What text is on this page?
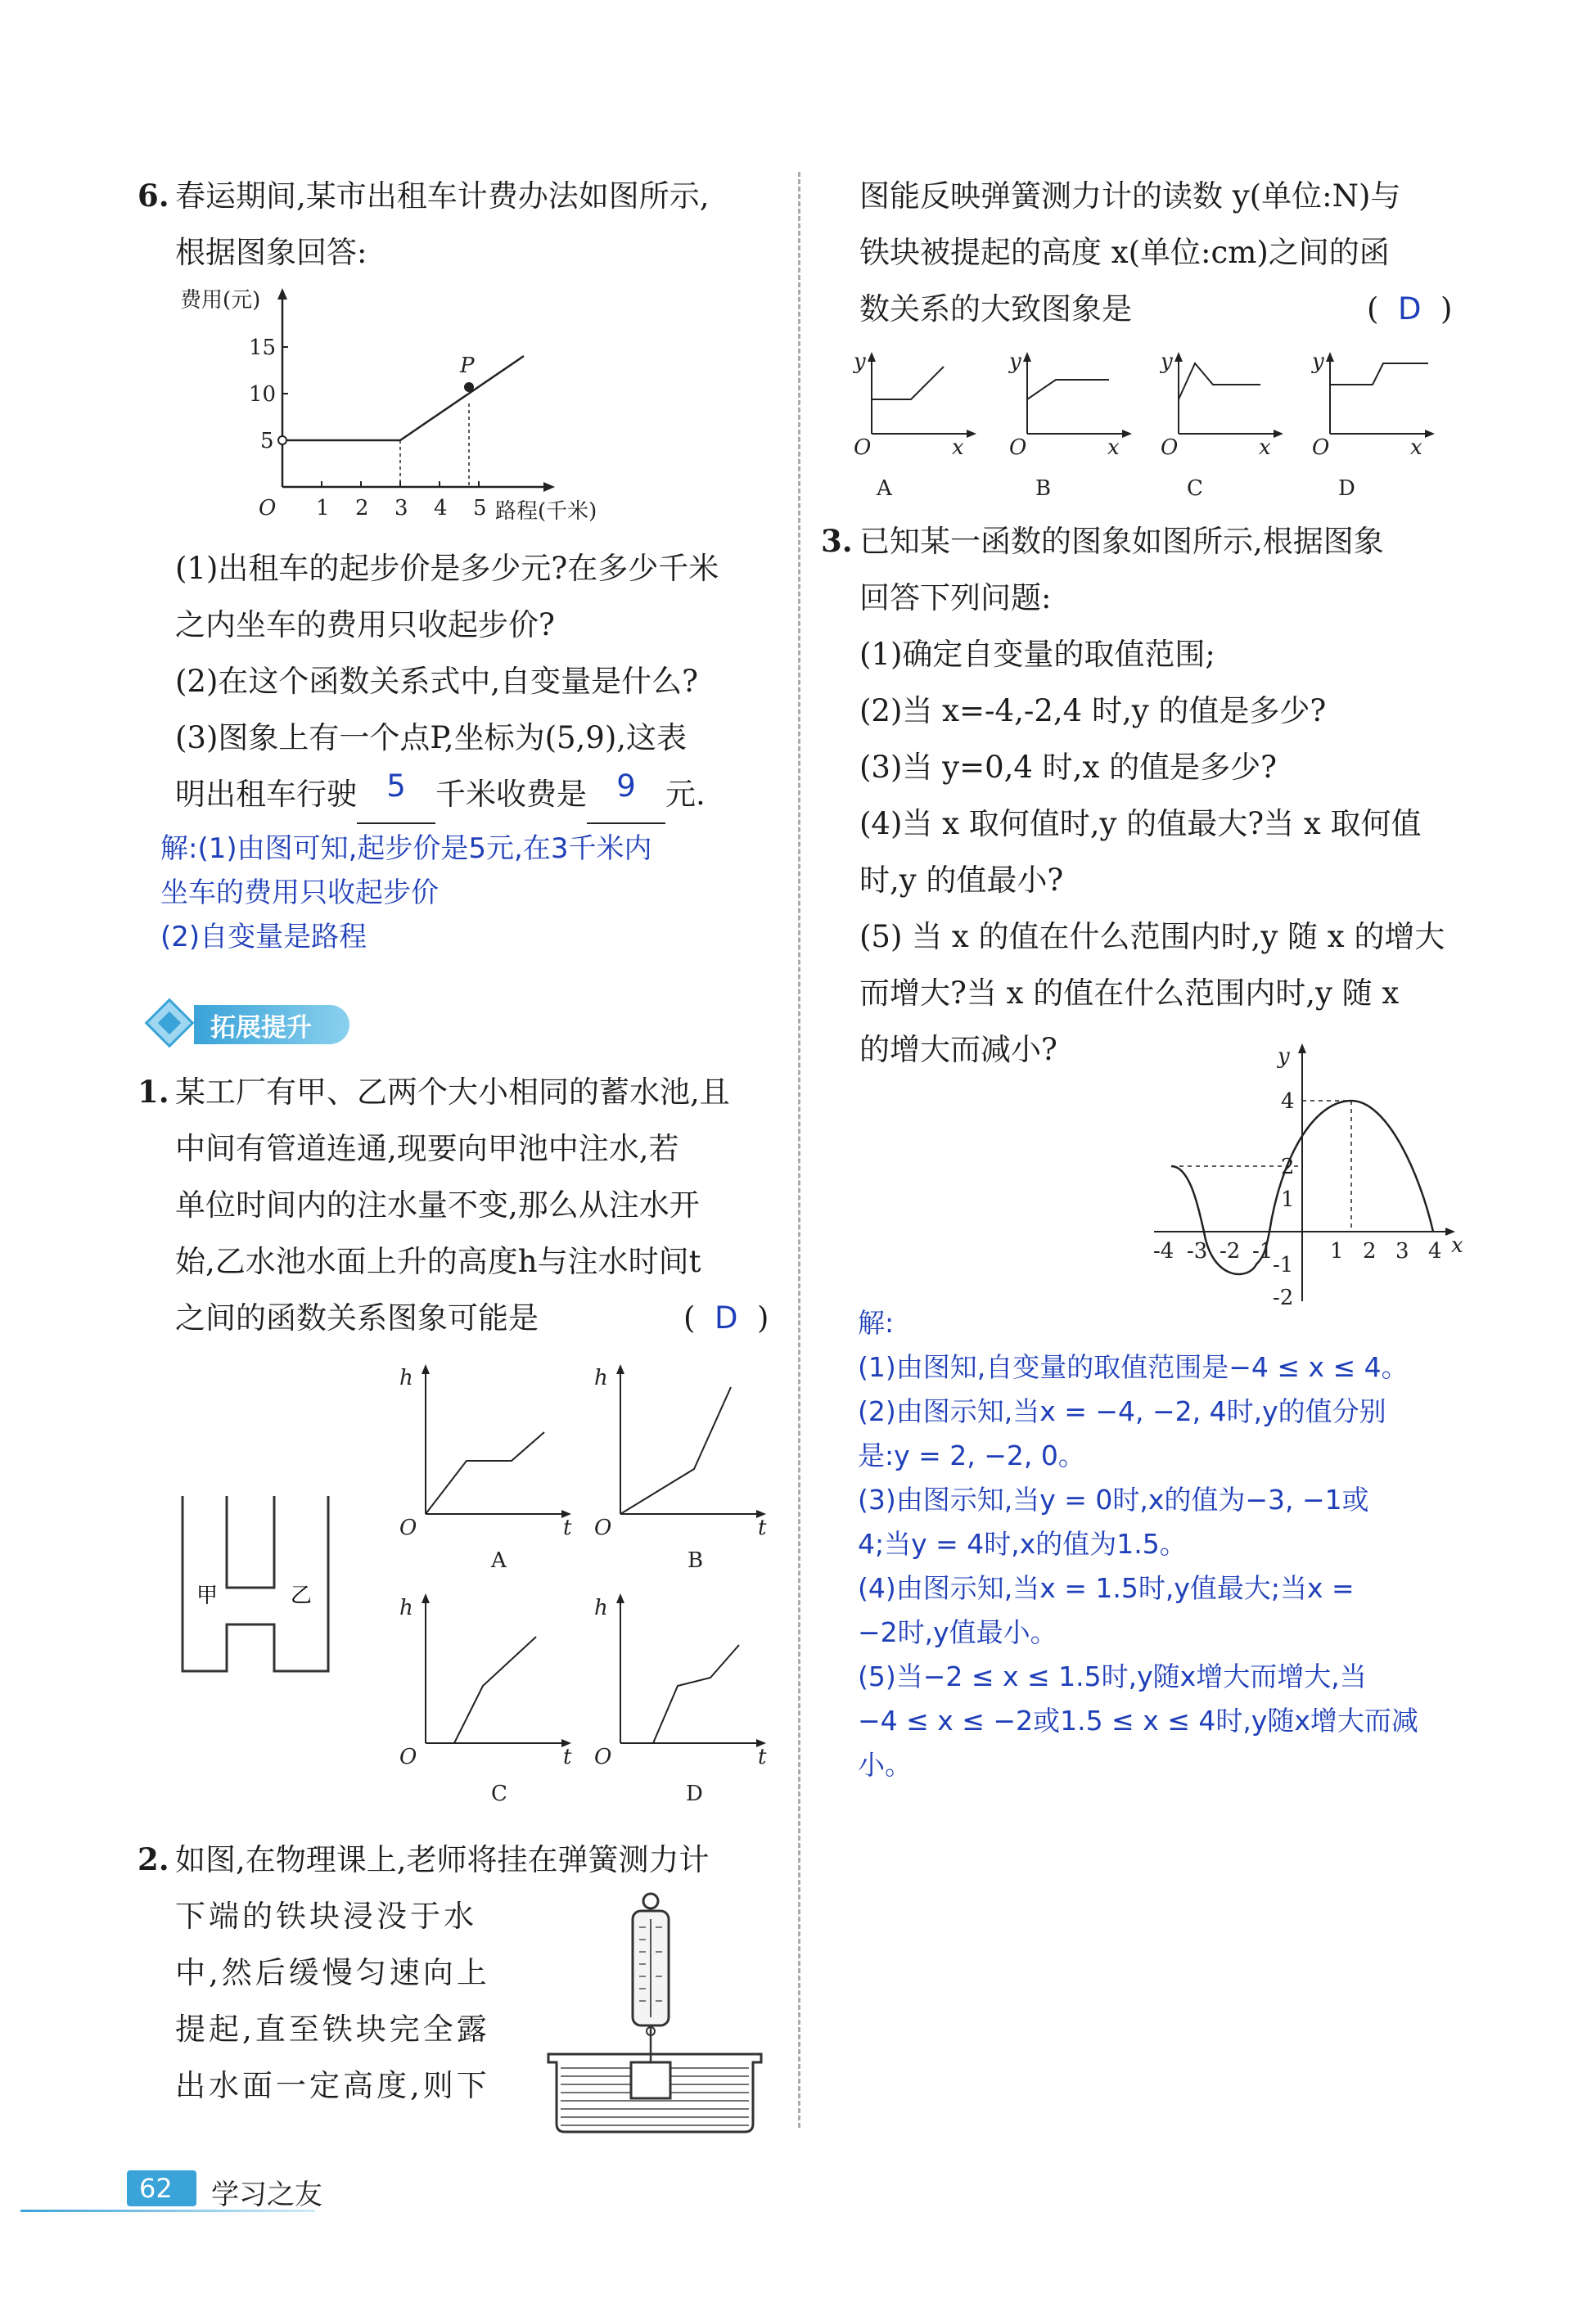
6. 春运期间,某市出租车计费办法如图所示,
根据图象回答:
费用(元)
O 1 2 3 4 5 路程(千米)
5
10
15
P
(1)出租车的起步价是多少元?在多少千米
之内坐车的费用只收起步价?
(2)在这个函数关系式中,自变量是什么?
(3)图象上有一个点P,坐标为(5,9),这表
明出租车行驶 5 千米收费是 9 元.
解:(1)由图可知,起步价是5元,在3千米内
坐车的费用只收起步价
(2)自变量是路程
拓展提升
1. 某工厂有甲、乙两个大小相同的蓄水池,且
中间有管道连通,现要向甲池中注水,若
单位时间内的注水量不变,那么从注水开
始,乙水池水面上升的高度h与注水时间t
之间的函数关系图象可能是	(  D  )
甲	乙
h
O	t
A
h
O	t
B
h
O	t
C
h
O	t
D
2. 如图,在物理课上,老师将挂在弹簧测力计
下端的铁块浸没于水
中,然后缓慢匀速向上
提起,直至铁块完全露
出水面一定高度,则下
图能反映弹簧测力计的读数 y(单位:N)与
铁块被提起的高度 x(单位:cm)之间的函
数关系的大致图象是	(  D  )
y
O	x
A
y
O	x
B
y
O	x
C
y
O	x
D
3. 已知某一函数的图象如图所示,根据图象
回答下列问题:
(1)确定自变量的取值范围;
(2)当 x=-4,-2,4 时,y 的值是多少?
(3)当 y=0,4 时,x 的值是多少?
(4)当 x 取何值时,y 的值最大?当 x 取何值
时,y 的值最小?
(5) 当 x 的值在什么范围内时,y 随 x 的增大
而增大?当 x 的值在什么范围内时,y 随 x
的增大而减小?	y
x
-4 -3 -2 -1	1 2 3 4
4
2
1
-1
-2
解:
(1)由图知,自变量的取值范围是−4 ≤ x ≤ 4。
(2)由图示知,当x = −4, −2, 4时,y的值分别
是:y = 2, −2, 0。
(3)由图示知,当y = 0时,x的值为−3, −1或
4;当y = 4时,x的值为1.5。
(4)由图示知,当x = 1.5时,y值最大;当x =
−2时,y值最小。
(5)当−2 ≤ x ≤ 1.5时,y随x增大而增大,当
−4 ≤ x ≤ −2或1.5 ≤ x ≤ 4时,y随x增大而减
小。
62 学习之友
